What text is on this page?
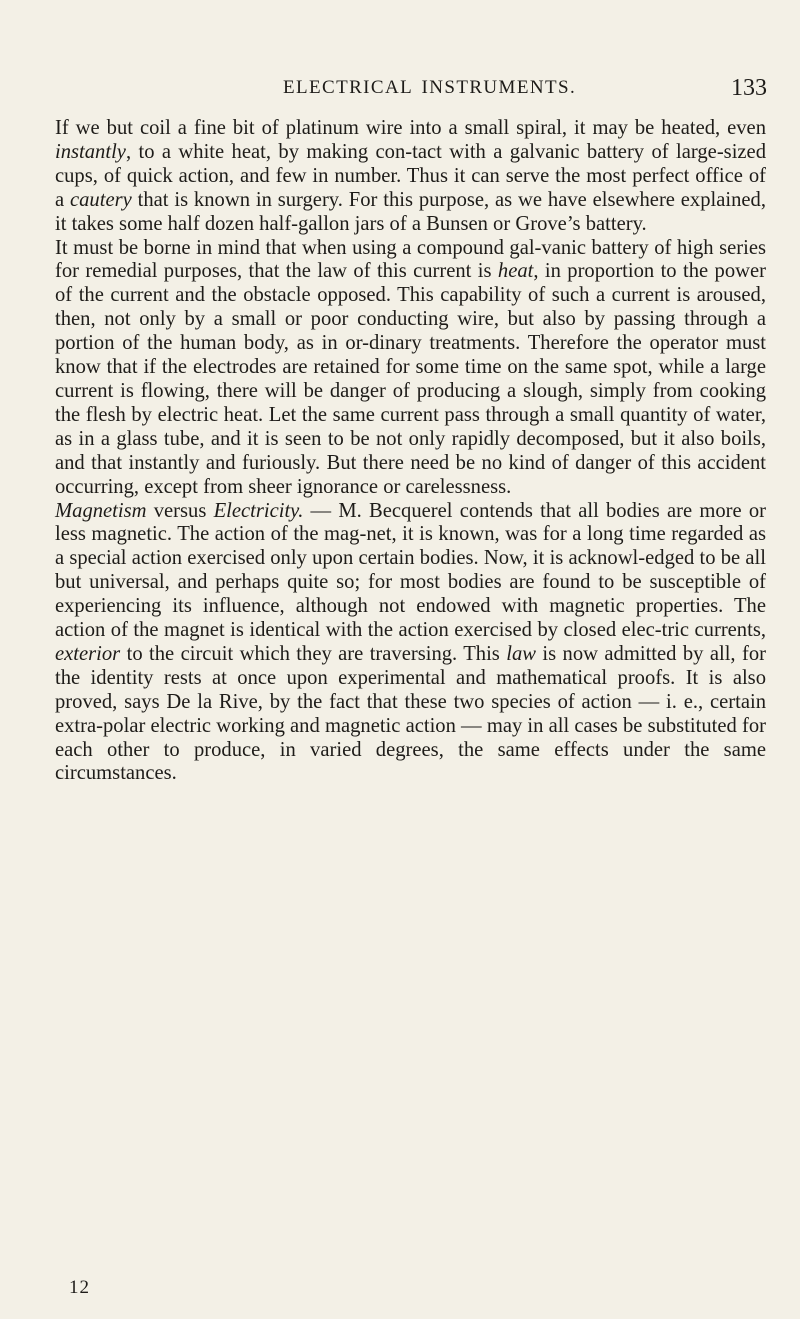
ELECTRICAL INSTRUMENTS.	133

If we but coil a fine bit of platinum wire into a small spiral, it may be heated, even instantly, to a white heat, by making con-tact with a galvanic battery of large-sized cups, of quick action, and few in number. Thus it can serve the most perfect office of a cautery that is known in surgery. For this purpose, as we have elsewhere explained, it takes some half dozen half-gallon jars of a Bunsen or Grove’s battery.

It must be borne in mind that when using a compound gal-vanic battery of high series for remedial purposes, that the law of this current is heat, in proportion to the power of the current and the obstacle opposed. This capability of such a current is aroused, then, not only by a small or poor conducting wire, but also by passing through a portion of the human body, as in or-dinary treatments. Therefore the operator must know that if the electrodes are retained for some time on the same spot, while a large current is flowing, there will be danger of producing a slough, simply from cooking the flesh by electric heat. Let the same current pass through a small quantity of water, as in a glass tube, and it is seen to be not only rapidly decomposed, but it also boils, and that instantly and furiously. But there need be no kind of danger of this accident occurring, except from sheer ignorance or carelessness.

Magnetism versus Electricity. — M. Becquerel contends that all bodies are more or less magnetic. The action of the mag-net, it is known, was for a long time regarded as a special action exercised only upon certain bodies. Now, it is acknowl-edged to be all but universal, and perhaps quite so; for most bodies are found to be susceptible of experiencing its influence, although not endowed with magnetic properties. The action of the magnet is identical with the action exercised by closed elec-tric currents, exterior to the circuit which they are traversing. This law is now admitted by all, for the identity rests at once upon experimental and mathematical proofs. It is also proved, says De la Rive, by the fact that these two species of action — i. e., certain extra-polar electric working and magnetic action — may in all cases be substituted for each other to produce, in varied degrees, the same effects under the same circumstances.

12
